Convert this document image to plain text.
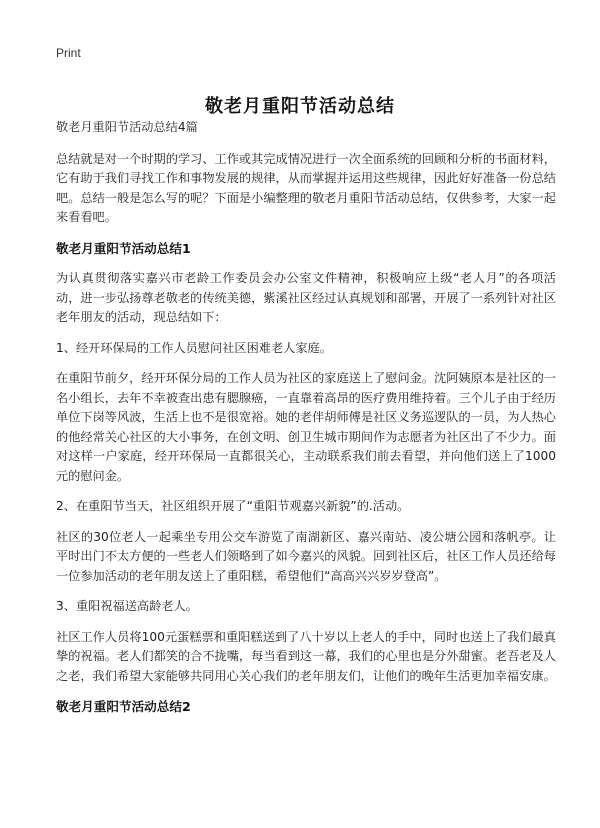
Print
敬老月重阳节活动总结

敬老月重阳节活动总结4篇

总结就是对一个时期的学习、工作或其完成情况进行一次全面系统的回顾和分析的书面材料，它有助于我们寻找工作和事物发展的规律，从而掌握并运用这些规律，因此好好准备一份总结吧。总结一般是怎么写的呢？下面是小编整理的敬老月重阳节活动总结，仅供参考，大家一起来看看吧。

敬老月重阳节活动总结1

为认真贯彻落实嘉兴市老龄工作委员会办公室文件精神，积极响应上级“老人月”的各项活动，进一步弘扬尊老敬老的传统美德，紫溪社区经过认真规划和部署，开展了一系列针对社区老年朋友的活动，现总结如下：

1、经开环保局的工作人员慰问社区困难老人家庭。

在重阳节前夕，经开环保分局的工作人员为社区的家庭送上了慰问金。沈阿姨原本是社区的一名小组长，去年不幸被查出患有腮腺癌，一直靠着高昂的医疗费用维持着。三个儿子由于经历单位下岗等风波，生活上也不是很宽裕。她的老伴胡师傅是社区义务巡逻队的一员，为人热心的他经常关心社区的大小事务，在创文明、创卫生城市期间作为志愿者为社区出了不少力。面对这样一户家庭，经开环保局一直都很关心，主动联系我们前去看望，并向他们送上了1000元的慰问金。

2、在重阳节当天，社区组织开展了“重阳节观嘉兴新貌”的.活动。

社区的30位老人一起乘坐专用公交车游览了南湖新区、嘉兴南站、凌公塘公园和落帆亭。让平时出门不太方便的一些老人们领略到了如今嘉兴的风貌。回到社区后，社区工作人员还给每一位参加活动的老年朋友送上了重阳糕，希望他们“高高兴兴岁岁登高”。

3、重阳祝福送高龄老人。

社区工作人员将100元蛋糕票和重阳糕送到了八十岁以上老人的手中，同时也送上了我们最真挚的祝福。老人们都笑的合不拢嘴，每当看到这一幕，我们的心里也是分外甜蜜。老吾老及人之老，我们希望大家能够共同用心关心我们的老年朋友们，让他们的晚年生活更加幸福安康。

敬老月重阳节活动总结2
